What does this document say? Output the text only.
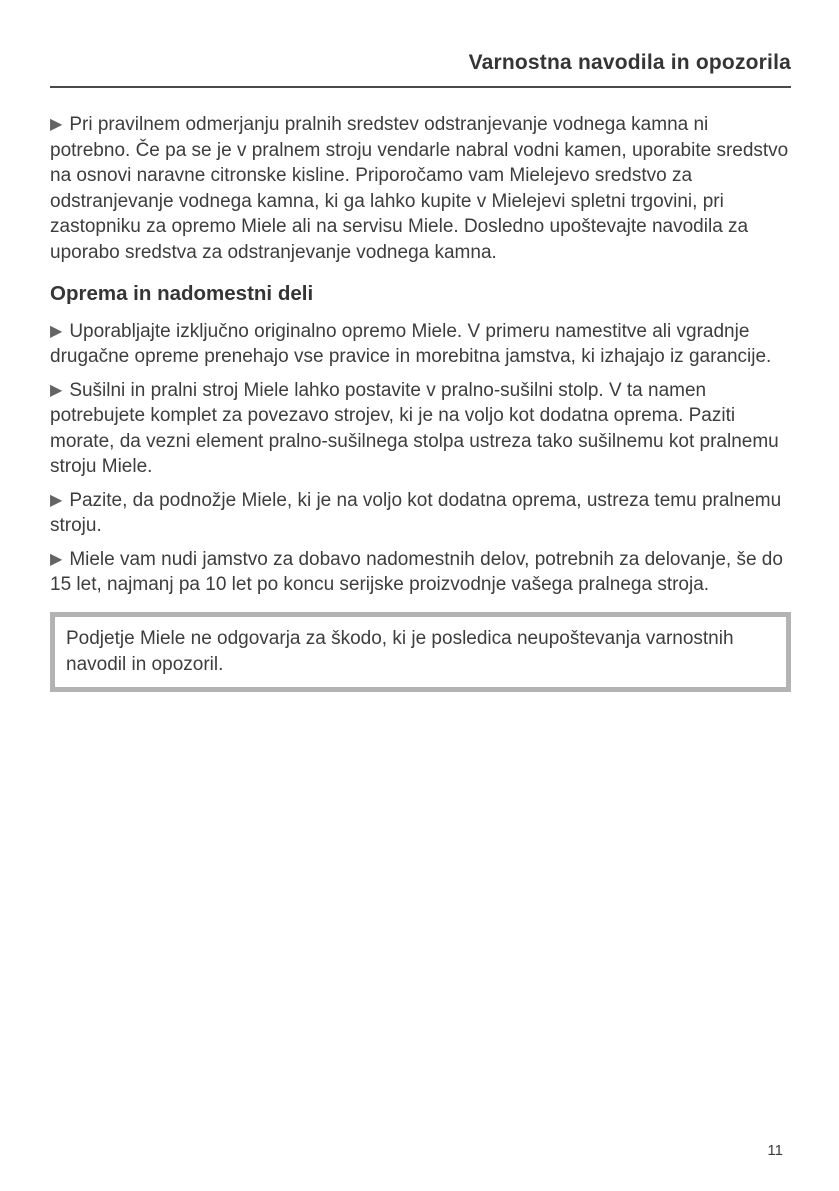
Varnostna navodila in opozorila

▶ Pri pravilnem odmerjanju pralnih sredstev odstranjevanje vodnega kamna ni potrebno. Če pa se je v pralnem stroju vendarle nabral vodni kamen, uporabite sredstvo na osnovi naravne citronske kisline. Priporočamo vam Mielejevo sredstvo za odstranjevanje vodnega kamna, ki ga lahko kupite v Mielejevi spletni trgovini, pri zastopniku za opremo Miele ali na servisu Miele. Dosledno upoštevajte navodila za uporabo sredstva za odstranjevanje vodnega kamna.

Oprema in nadomestni deli

▶ Uporabljajte izključno originalno opremo Miele. V primeru namestitve ali vgradnje drugačne opreme prenehajo vse pravice in morebitna jamstva, ki izhajajo iz garancije.

▶ Sušilni in pralni stroj Miele lahko postavite v pralno-sušilni stolp. V ta namen potrebujete komplet za povezavo strojev, ki je na voljo kot dodatna oprema. Paziti morate, da vezni element pralno-sušilnega stolpa ustreza tako sušilnemu kot pralnemu stroju Miele.

▶ Pazite, da podnožje Miele, ki je na voljo kot dodatna oprema, ustreza temu pralnemu stroju.

▶ Miele vam nudi jamstvo za dobavo nadomestnih delov, potrebnih za delovanje, še do 15 let, najmanj pa 10 let po koncu serijske proizvodnje vašega pralnega stroja.

Podjetje Miele ne odgovarja za škodo, ki je posledica neupoštevanja varnostnih navodil in opozoril.
11
